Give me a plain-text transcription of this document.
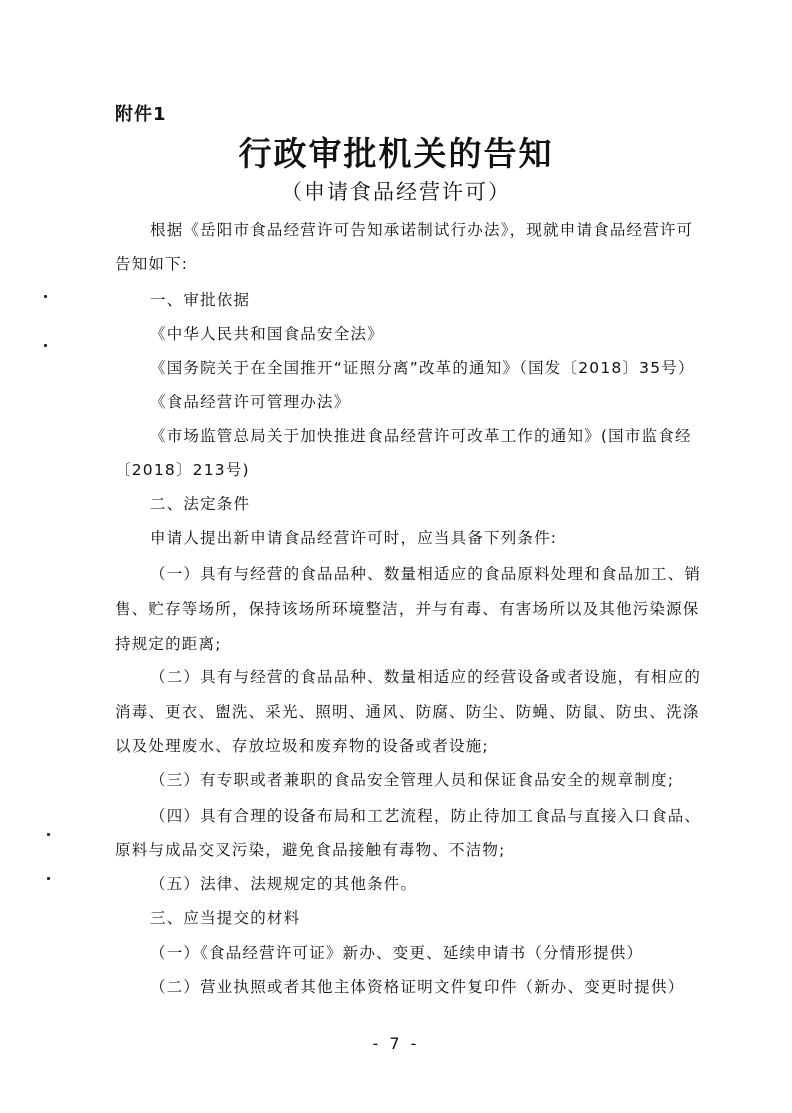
附件1
行政审批机关的告知
（申请食品经营许可）
根据《岳阳市食品经营许可告知承诺制试行办法》，现就申请食品经营许可
告知如下:
一、审批依据
《中华人民共和国食品安全法》
《国务院关于在全国推开“证照分离”改革的通知》（国发〔2018〕35号）
《食品经营许可管理办法》
《市场监管总局关于加快推进食品经营许可改革工作的通知》(国市监食经
〔2018〕213号)
二、法定条件
申请人提出新申请食品经营许可时，应当具备下列条件:
（一）具有与经营的食品品种、数量相适应的食品原料处理和食品加工、销
售、贮存等场所，保持该场所环境整洁，并与有毒、有害场所以及其他污染源保
持规定的距离;
（二）具有与经营的食品品种、数量相适应的经营设备或者设施，有相应的
消毒、更衣、盥洗、采光、照明、通风、防腐、防尘、防蝇、防鼠、防虫、洗涤
以及处理废水、存放垃圾和废弃物的设备或者设施;
（三）有专职或者兼职的食品安全管理人员和保证食品安全的规章制度;
（四）具有合理的设备布局和工艺流程，防止待加工食品与直接入口食品、
原料与成品交叉污染，避免食品接触有毒物、不洁物;
（五）法律、法规规定的其他条件。
三、应当提交的材料
（一）《食品经营许可证》新办、变更、延续申请书（分情形提供）
（二）营业执照或者其他主体资格证明文件复印件（新办、变更时提供）
- 7 -
